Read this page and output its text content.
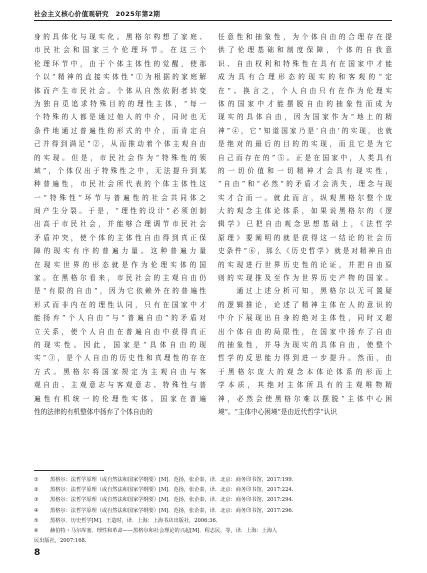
社会主义核心价值观研究　2025年第2期
身的具体化与现实化。黑格尔构想了家庭、
市民社会和国家三个伦理环节。在这三个
伦理环节中，由于个体主体性的觉醒，使那
个以“精神的直接实体性”①为根据的家庭解
体而产生市民社会。个体从自然依附者转变
为独自觅追求特殊目的的理性主体，“每一
个特殊的人都是通过他人的中介，同时也无
条件地通过普遍性的形式的中介，而肯定自
己并得到满足”②，从而推动着个体主观自由
的实现。但是，市民社会作为“特殊性的领
域”，个体仅出于特殊性之中，无法提升到某
种普遍性，市民社会所代表的个体主体性这
一“特殊性”环节与普遍性的社会共同体之
间产生分裂。于是，“理性的设计”必须创制
出高于市民社会，并能够合理调节市民社会
矛盾冲突，使个体的主体性自由得到真正保
障的现实有序的普遍力量。这种普遍力量
在现实世界的形态就是作为伦理实体的国
家。在黑格尔看来，市民社会的主观自由仍
是“有限的自由”，因为它依赖外在的普遍性
形式而非内在的理性认同，只有在国家中才
能扬弃“个人自由”与“普遍自由”的矛盾对
立关系，使个人自由在普遍自由中获得真正
的现实性。因此，国家是“具体自由的现
实”③，是个人自由的历史性和真理性的存在
方式。黑格尔将国家规定为主观自由与客
观自由、主观意志与客观意志、特殊性与普
遍性有机统一的伦理性实体。国家在普遍
性的法律的有机整体中扬弃了个体自由的
任意性和抽象性，为个体自由的合理存在提
供了伦理基础和制度保障，个体的自我意
识、自由权利和特殊性在具有在国家中才能
成为具有合理形态的现实的和客观的“定
在”。换言之，个人自由只有在作为伦理实
体的国家中才能摆脱自由的抽象性而成为
现实的具体自由，因为国家作为“地上的精
神”④，它“知道国家乃是‘自由’的实现，也就
是绝对的最后的目的的实现，而且它是为它
自己而存在的”⑤。正是在国家中，人类具有
的一切价值和一切精神才会具有现实性，
“自由”和“必然”的矛盾才会消失，理念与现
实才合而一。就此而言，纵观黑格尔整个庞
大的观念主体论体系，如果说黑格尔的《逻
辑学》已把自由观念思想基础上，《法哲学
原理》要阐明的就是获得这一结论的社会历
史条件”⑥，那么《历史哲学》就是对精神自由
的实现进行世界历史性的论证，并把自由原
则的实现推及至作为世界历史产物的国家。
　　通过上述分析可知，黑格尔以无可置疑
的逻辑推论，论述了精神主体在人的意识的
中介下展现出自身的绝对主体性，同时又超
出个体自由的局限性，在国家中扬弃了自由
的抽象性，并导为现实的具体自由，使整个
哲学的反思能力得到进一步提升。然而，由
于黑格尔庞大的观念本体论体系的形而上
学本质，其绝对主体所具有的主观唯物精
神，必然会使黑格尔难以摆脱“主体中心困
境”。“主体中心困境”是由近代哲学“认识
①	黑格尔：法哲学原理（或自然法和国家学纲要）[M]．范扬，张企泰，译．北京：商务印书馆，2017:199.
②	黑格尔：法哲学原理（或自然法和国家学纲要）[M]．范扬，张企泰，译．北京：商务印书馆，2017:224.
③	黑格尔：法哲学原理（或自然法和国家学纲要）[M]．范扬，张企泰，译．北京：商务印书馆，2017:294.
④	黑格尔：法哲学原理（或自然法和国家学纲要）[M]．范扬，张企泰，译．北京：商务印书馆，2017:296.
⑤	黑格尔．历史哲学[M]．王造时，译．上海：上海书店出版社，2006:36.
⑥	赫伯特・马尔库塞．理性和革命——黑格尔和社会理论的兴起[M]．程志民，等，译．上海：上海人
民出版社，2007:168.
8
